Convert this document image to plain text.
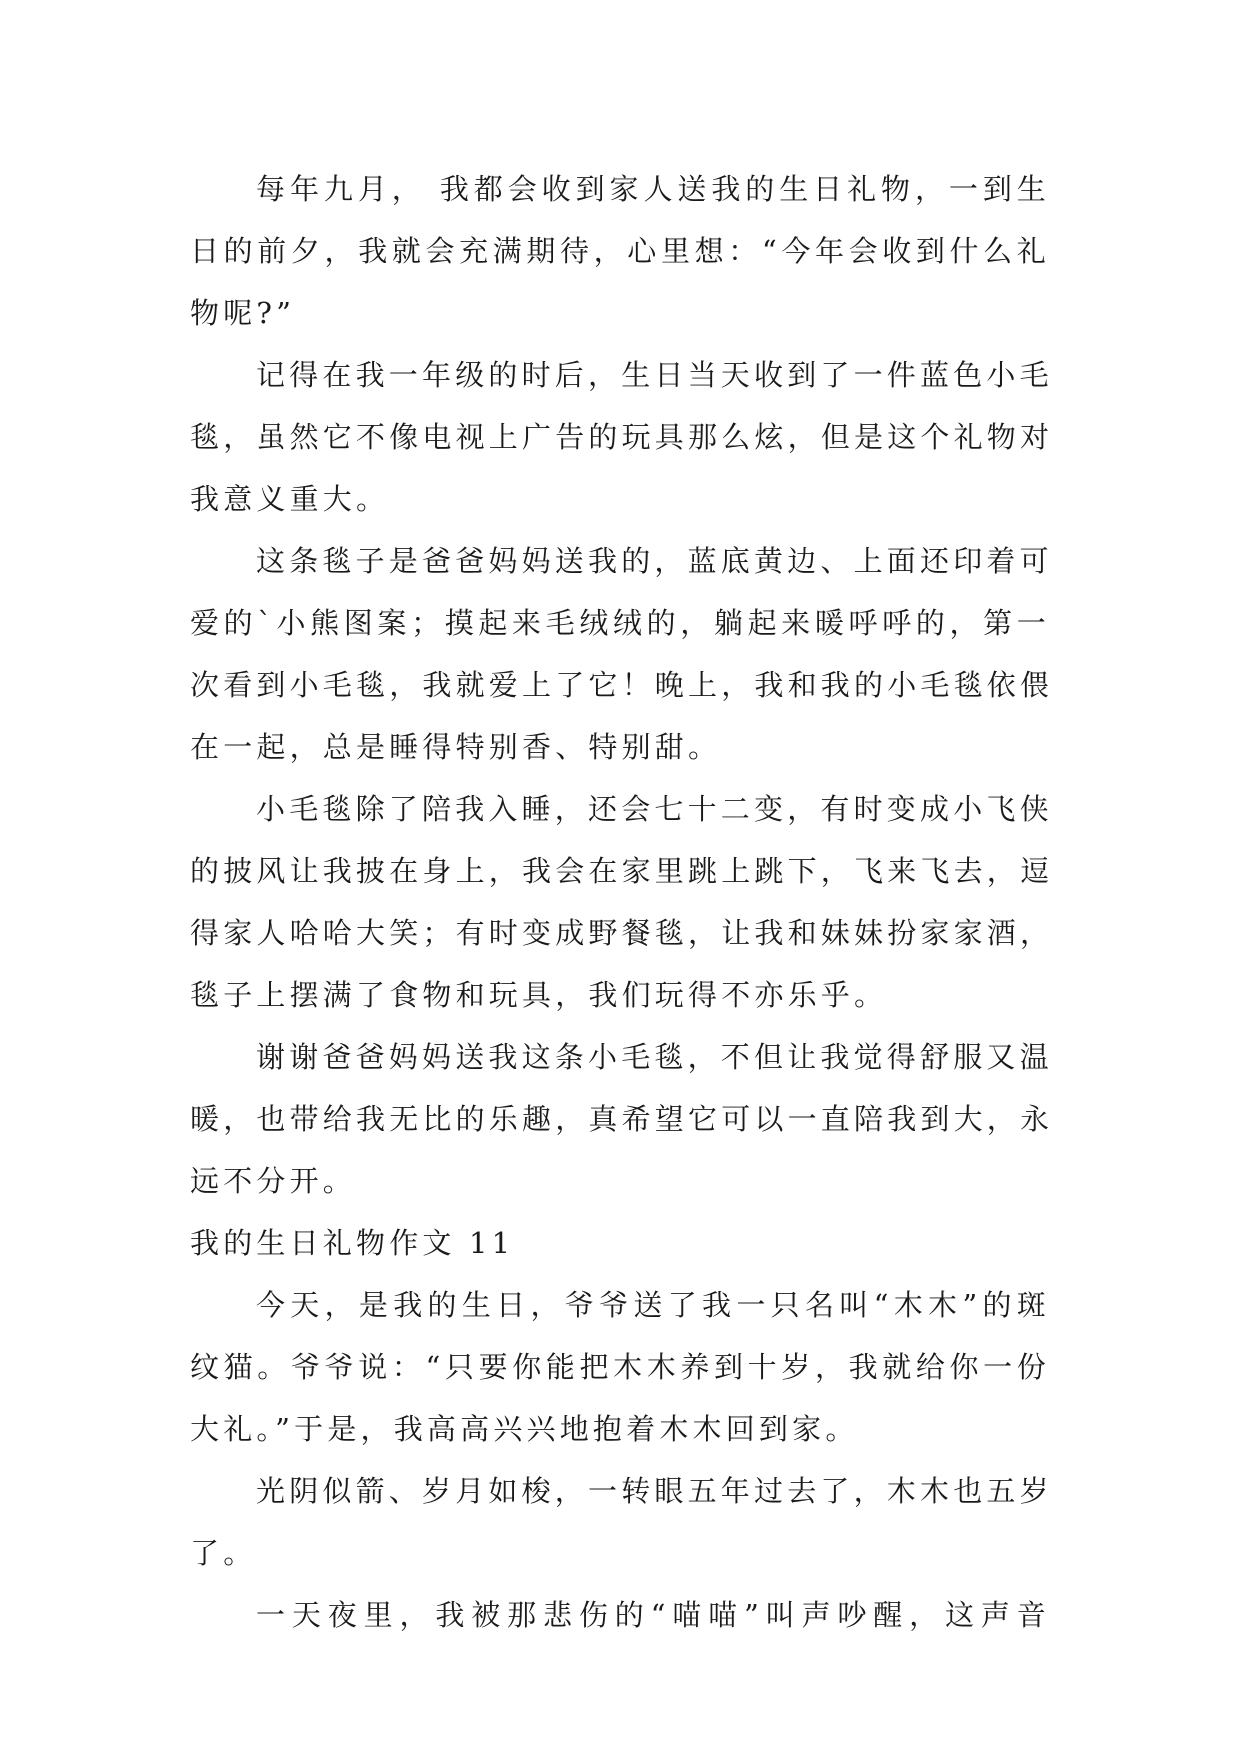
每年九月， 我都会收到家人送我的生日礼物，一到生
日的前夕，我就会充满期待，心里想：“今年会收到什么礼
物呢?”
记得在我一年级的时后，生日当天收到了一件蓝色小毛
毯，虽然它不像电视上广告的玩具那么炫，但是这个礼物对
我意义重大。
这条毯子是爸爸妈妈送我的，蓝底黄边、上面还印着可
爱的`小熊图案；摸起来毛绒绒的，躺起来暖呼呼的，第一
次看到小毛毯，我就爱上了它！晚上，我和我的小毛毯依偎
在一起，总是睡得特别香、特别甜。
小毛毯除了陪我入睡，还会七十二变，有时变成小飞侠
的披风让我披在身上，我会在家里跳上跳下，飞来飞去，逗
得家人哈哈大笑；有时变成野餐毯，让我和妹妹扮家家酒，
毯子上摆满了食物和玩具，我们玩得不亦乐乎。
谢谢爸爸妈妈送我这条小毛毯，不但让我觉得舒服又温
暖，也带给我无比的乐趣，真希望它可以一直陪我到大，永
远不分开。
我的生日礼物作文 11
今天，是我的生日，爷爷送了我一只名叫“木木”的斑
纹猫。爷爷说：“只要你能把木木养到十岁，我就给你一份
大礼。”于是，我高高兴兴地抱着木木回到家。
光阴似箭、岁月如梭，一转眼五年过去了，木木也五岁
了。
一天夜里，我被那悲伤的“喵喵”叫声吵醒，这声音
